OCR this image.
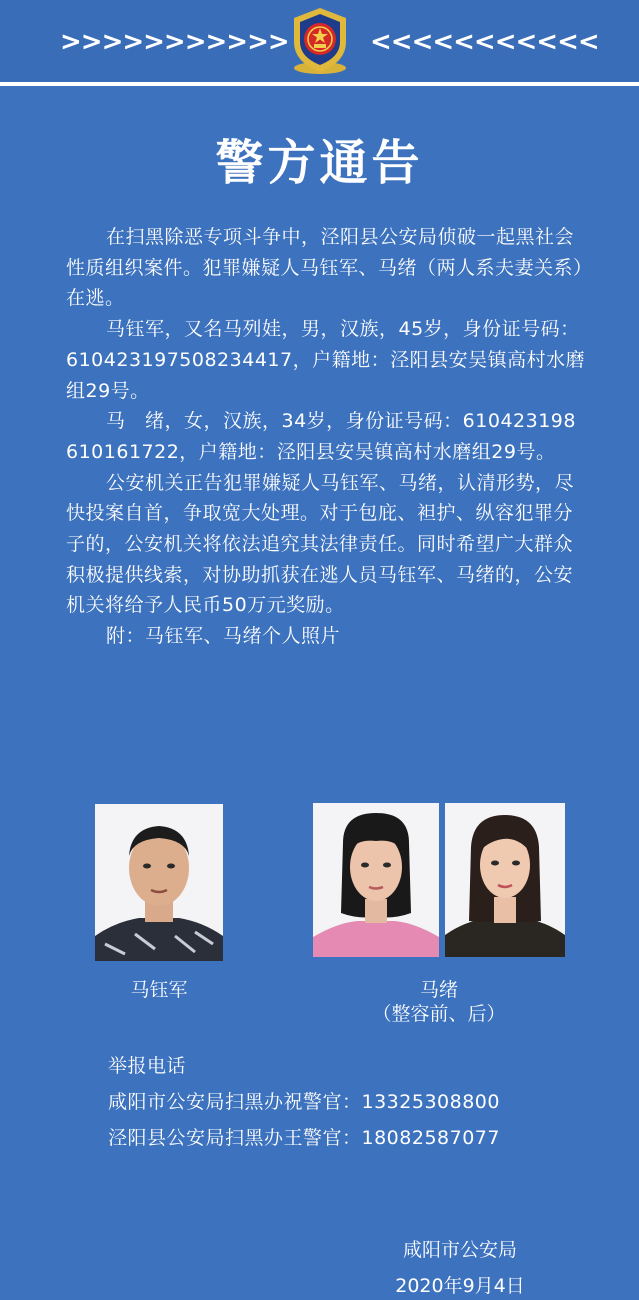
>>>>>>>>>>>	<<<<<<<<<<<
警方通告

在扫黑除恶专项斗争中，泾阳县公安局侦破一起黑社会性质组织案件。犯罪嫌疑人马钰军、马绪（两人系夫妻关系）在逃。

马钰军，又名马列娃，男，汉族，45岁，身份证号码：610423197508234417，户籍地：泾阳县安吴镇高村水磨组29号。

马　绪，女，汉族，34岁，身份证号码：610423198610161722，户籍地：泾阳县安吴镇高村水磨组29号。

公安机关正告犯罪嫌疑人马钰军、马绪，认清形势，尽快投案自首，争取宽大处理。对于包庇、袒护、纵容犯罪分子的，公安机关将依法追究其法律责任。同时希望广大群众积极提供线索，对协助抓获在逃人员马钰军、马绪的，公安机关将给予人民币50万元奖励。

附：马钰军、马绪个人照片

马钰军	马绪
（整容前、后）
举报电话
咸阳市公安局扫黑办祝警官：13325308800
泾阳县公安局扫黑办王警官：18082587077
咸阳市公安局
2020年9月4日
